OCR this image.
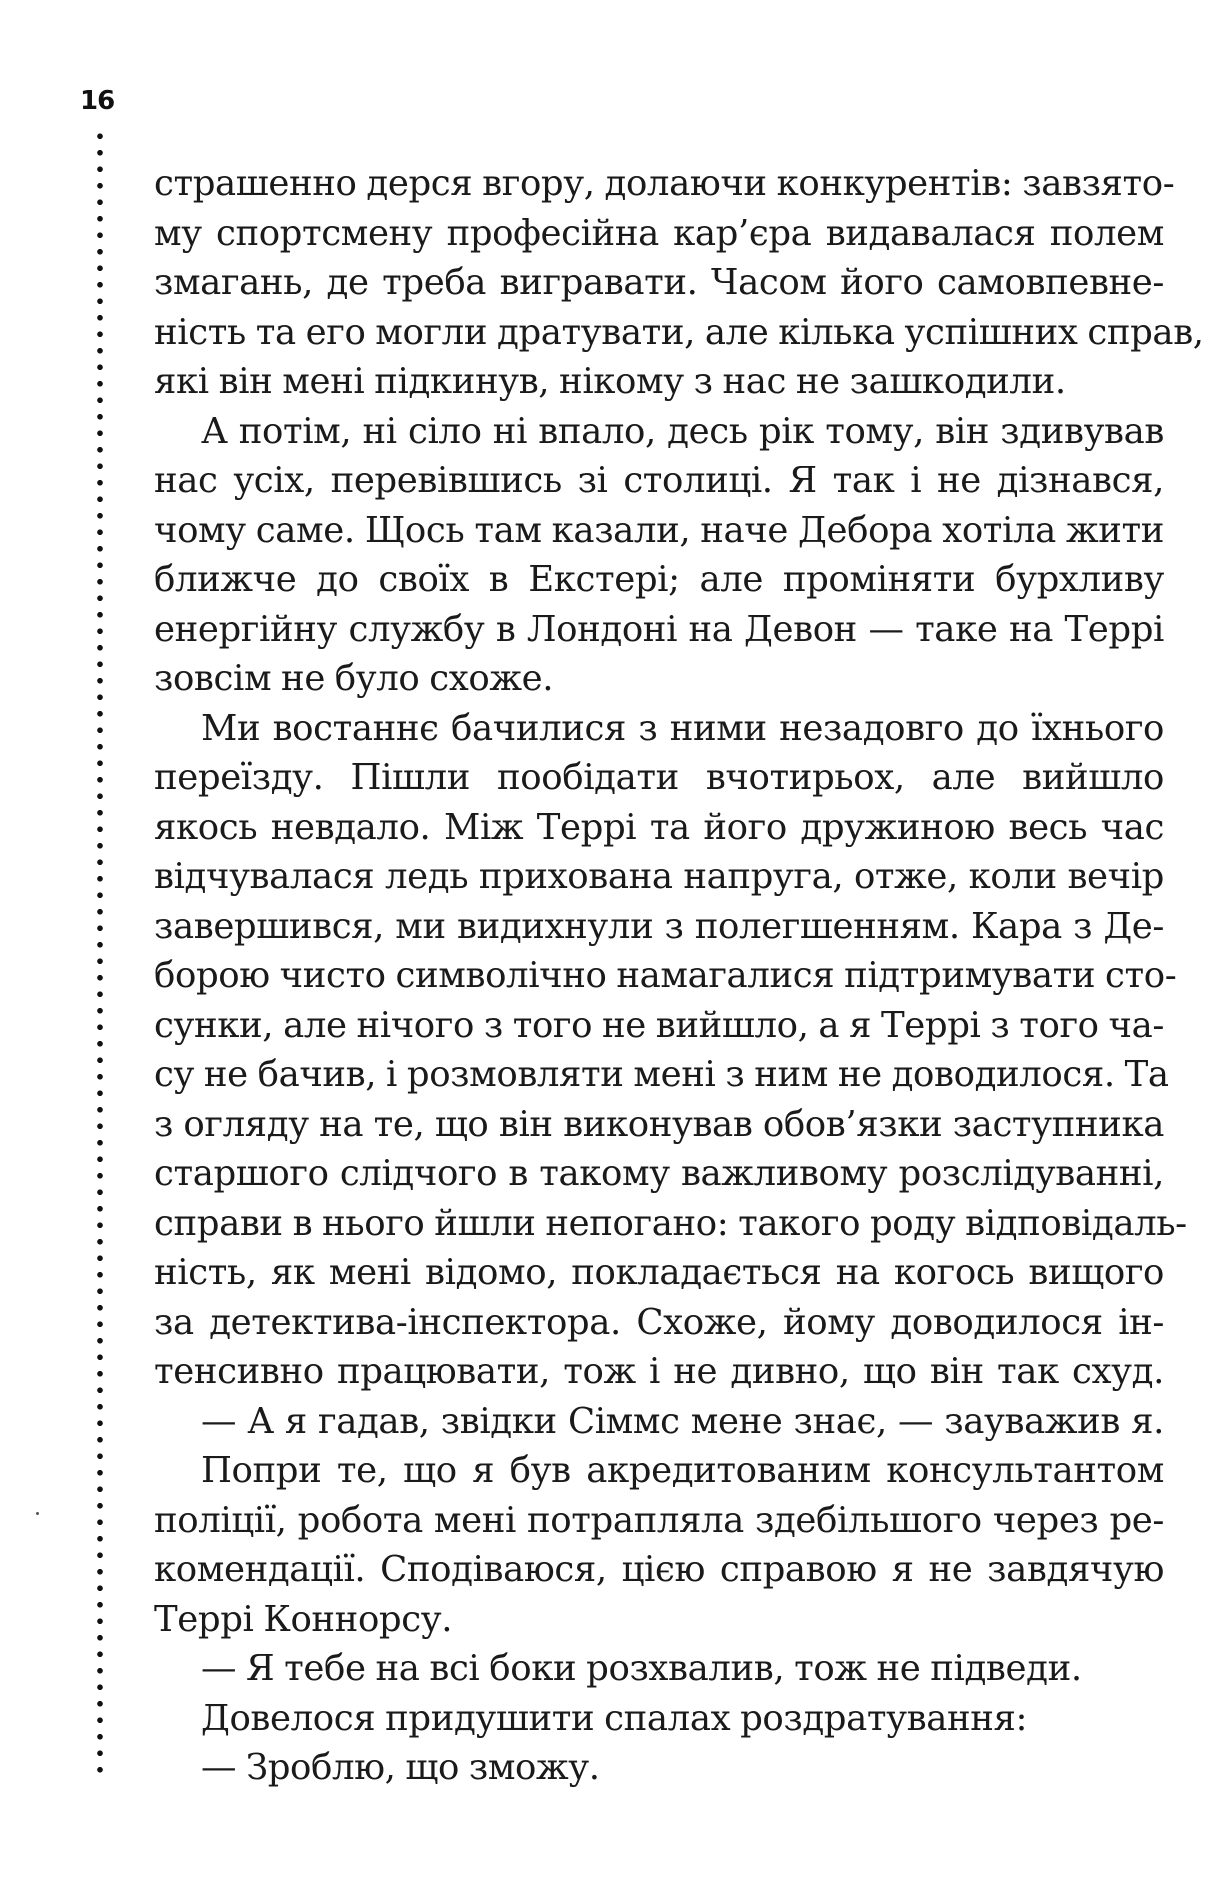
16
страшенно дерся вгору, долаючи конкурентів: завзято-
му спортсмену професійна кар’єра видавалася полем
змагань, де треба вигравати. Часом його самовпевне-
ність та его могли дратувати, але кілька успішних справ,
які він мені підкинув, нікому з нас не зашкодили.
А потім, ні сіло ні впало, десь рік тому, він здивував
нас усіх, перевівшись зі столиці. Я так і не дізнався,
чому саме. Щось там казали, наче Дебора хотіла жити
ближче до своїх в Екстері; але проміняти бурхливу
енергійну службу в Лондоні на Девон — таке на Террі
зовсім не було схоже.
Ми востаннє бачилися з ними незадовго до їхнього
переїзду. Пішли пообідати вчотирьох, але вийшло
якось невдало. Між Террі та його дружиною весь час
відчувалася ледь прихована напруга, отже, коли вечір
завершився, ми видихнули з полегшенням. Кара з Де-
борою чисто символічно намагалися підтримувати сто-
сунки, але нічого з того не вийшло, а я Террі з того ча-
су не бачив, і розмовляти мені з ним не доводилося. Та
з огляду на те, що він виконував обов’язки заступника
старшого слідчого в такому важливому розслідуванні,
справи в нього йшли непогано: такого роду відповідаль-
ність, як мені відомо, покладається на когось вищого
за детектива-інспектора. Схоже, йому доводилося ін-
тенсивно працювати, тож і не дивно, що він так схуд.
— А я гадав, звідки Сіммс мене знає, — зауважив я.
Попри те, що я був акредитованим консультантом
поліції, робота мені потрапляла здебільшого через ре-
комендації. Сподіваюся, цією справою я не завдячую
Террі Коннорсу.
— Я тебе на всі боки розхвалив, тож не підведи.
Довелося придушити спалах роздратування:
— Зроблю, що зможу.
